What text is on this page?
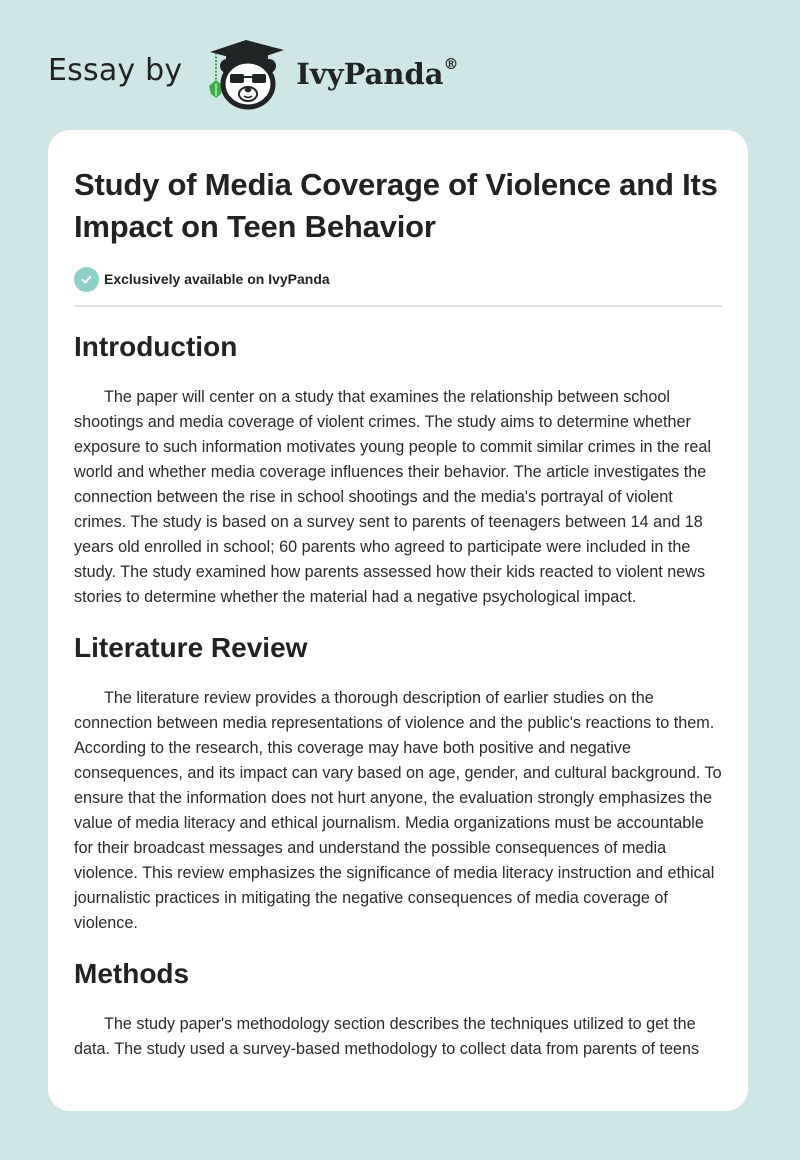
Essay by	IvyPanda®
Study of Media Coverage of Violence and Its Impact on Teen Behavior
Exclusively available on IvyPanda
Introduction

The paper will center on a study that examines the relationship between school shootings and media coverage of violent crimes. The study aims to determine whether exposure to such information motivates young people to commit similar crimes in the real world and whether media coverage influences their behavior. The article investigates the connection between the rise in school shootings and the media's portrayal of violent crimes. The study is based on a survey sent to parents of teenagers between 14 and 18 years old enrolled in school; 60 parents who agreed to participate were included in the study. The study examined how parents assessed how their kids reacted to violent news stories to determine whether the material had a negative psychological impact.

Literature Review

The literature review provides a thorough description of earlier studies on the connection between media representations of violence and the public's reactions to them. According to the research, this coverage may have both positive and negative consequences, and its impact can vary based on age, gender, and cultural background. To ensure that the information does not hurt anyone, the evaluation strongly emphasizes the value of media literacy and ethical journalism. Media organizations must be accountable for their broadcast messages and understand the possible consequences of media violence. This review emphasizes the significance of media literacy instruction and ethical journalistic practices in mitigating the negative consequences of media coverage of violence.

Methods

The study paper's methodology section describes the techniques utilized to get the data. The study used a survey-based methodology to collect data from parents of teens
